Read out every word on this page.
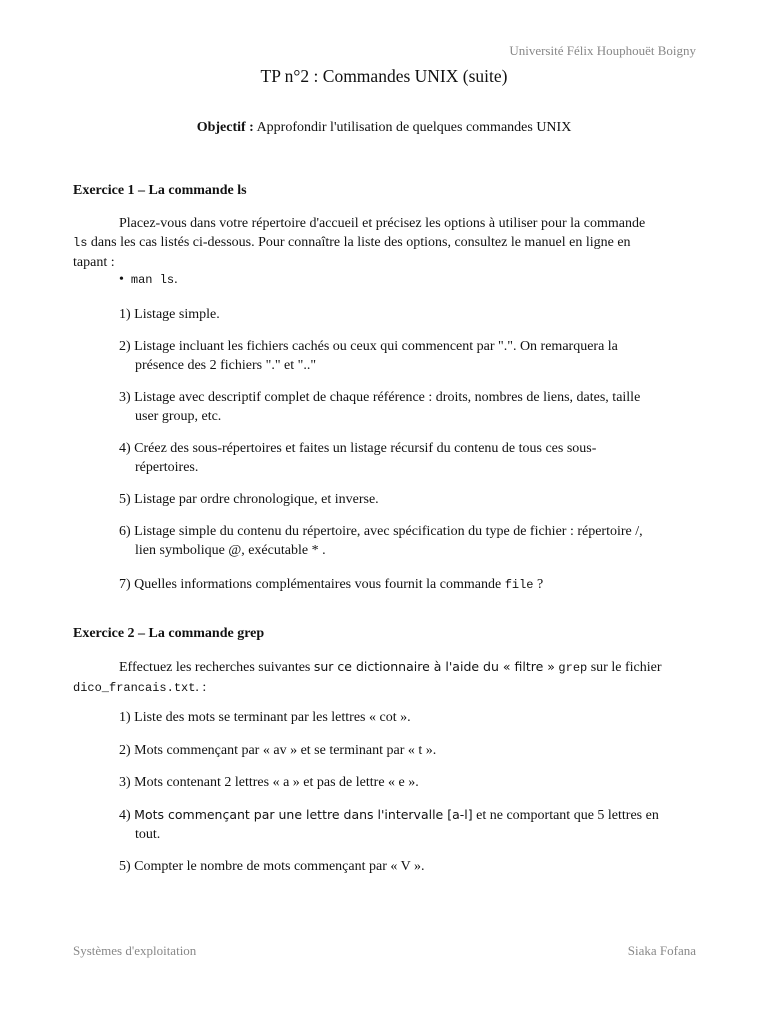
Université Félix Houphouët Boigny
TP n°2 : Commandes UNIX (suite)
Objectif : Approfondir l'utilisation de quelques commandes UNIX
Exercice 1 – La commande ls
Placez-vous dans votre répertoire d'accueil et précisez les options à utiliser pour la commande
ls dans les cas listés ci-dessous. Pour connaître la liste des options, consultez le manuel en ligne en
tapant :
•  man ls.
1) Listage simple.
2) Listage incluant les fichiers cachés ou ceux qui commencent par ".". On remarquera la
présence des 2 fichiers "." et ".."
3) Listage avec descriptif complet de chaque référence : droits, nombres de liens, dates, taille
user group, etc.
4) Créez des sous-répertoires et faites un listage récursif du contenu de tous ces sous-
répertoires.
5) Listage par ordre chronologique, et inverse.
6) Listage simple du contenu du répertoire, avec spécification du type de fichier : répertoire /,
lien symbolique @, exécutable * .
7) Quelles informations complémentaires vous fournit la commande file ?
Exercice 2 – La commande grep
Effectuez les recherches suivantes sur ce dictionnaire à l'aide du « filtre » grep sur le fichier
dico_francais.txt. :
1) Liste des mots se terminant par les lettres « cot ».
2) Mots commençant par « av » et se terminant par « t ».
3) Mots contenant 2 lettres « a » et pas de lettre « e ».
4) Mots commençant par une lettre dans l'intervalle [a-l] et ne comportant que 5 lettres en
tout.
5) Compter le nombre de mots commençant par « V ».
Systèmes d'exploitation	Siaka Fofana
